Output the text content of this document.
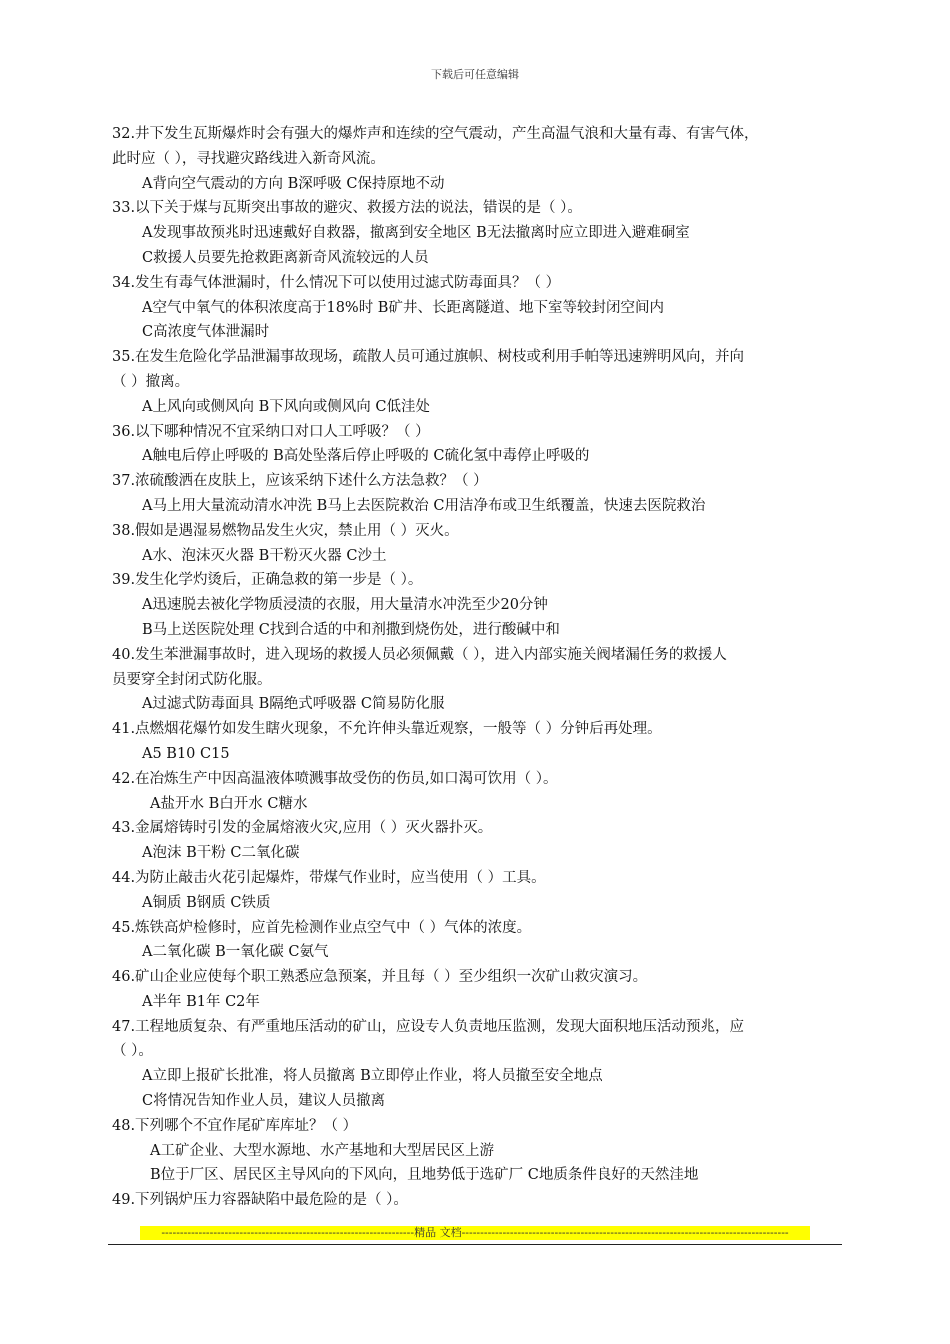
下载后可任意编辑
32.井下发生瓦斯爆炸时会有强大的爆炸声和连续的空气震动，产生高温气浪和大量有毒、有害气体，
此时应（ ），寻找避灾路线进入新奇风流。
A背向空气震动的方向 B深呼吸 C保持原地不动
33.以下关于煤与瓦斯突出事故的避灾、救援方法的说法，错误的是（ ）。
A发现事故预兆时迅速戴好自救器，撤离到安全地区 B无法撤离时应立即进入避难硐室
C救援人员要先抢救距离新奇风流较远的人员
34.发生有毒气体泄漏时，什么情况下可以使用过滤式防毒面具？（ ）
A空气中氧气的体积浓度高于18%时 B矿井、长距离隧道、地下室等较封闭空间内
C高浓度气体泄漏时
35.在发生危险化学品泄漏事故现场，疏散人员可通过旗帜、树枝或利用手帕等迅速辨明风向，并向
（ ）撤离。
A上风向或侧风向 B下风向或侧风向 C低洼处
36.以下哪种情况不宜采纳口对口人工呼吸？（ ）
A触电后停止呼吸的 B高处坠落后停止呼吸的 C硫化氢中毒停止呼吸的
37.浓硫酸洒在皮肤上，应该采纳下述什么方法急救？（ ）
A马上用大量流动清水冲洗 B马上去医院救治 C用洁净布或卫生纸覆盖，快速去医院救治
38.假如是遇湿易燃物品发生火灾，禁止用（ ）灭火。
A水、泡沫灭火器 B干粉灭火器 C沙土
39.发生化学灼烫后，正确急救的第一步是（ ）。
A迅速脱去被化学物质浸渍的衣服，用大量清水冲洗至少20分钟
B马上送医院处理 C找到合适的中和剂撒到烧伤处，进行酸碱中和
40.发生苯泄漏事故时，进入现场的救援人员必须佩戴（ ），进入内部实施关阀堵漏任务的救援人
员要穿全封闭式防化服。
A过滤式防毒面具 B隔绝式呼吸器 C简易防化服
41.点燃烟花爆竹如发生瞎火现象，不允许伸头靠近观察，一般等（ ）分钟后再处理。
A5 B10 C15
42.在冶炼生产中因高温液体喷溅事故受伤的伤员,如口渴可饮用（ ）。
A盐开水 B白开水 C糖水
43.金属熔铸时引发的金属熔液火灾,应用（ ）灭火器扑灭。
A泡沫 B干粉 C二氧化碳
44.为防止敲击火花引起爆炸，带煤气作业时，应当使用（ ）工具。
A铜质 B钢质 C铁质
45.炼铁高炉检修时，应首先检测作业点空气中（ ）气体的浓度。
A二氧化碳 B一氧化碳 C氨气
46.矿山企业应使每个职工熟悉应急预案，并且每（ ）至少组织一次矿山救灾演习。
A半年 B1年 C2年
47.工程地质复杂、有严重地压活动的矿山，应设专人负责地压监测，发现大面积地压活动预兆，应
（ ）。
A立即上报矿长批准，将人员撤离 B立即停止作业，将人员撤至安全地点
C将情况告知作业人员，建议人员撤离
48.下列哪个不宜作尾矿库库址？（ ）
A工矿企业、大型水源地、水产基地和大型居民区上游
B位于厂区、居民区主导风向的下风向，且地势低于选矿厂 C地质条件良好的天然洼地
49.下列锅炉压力容器缺陷中最危险的是（ ）。
--------------------------------------------------------------------精品 文档----------------------------------------------------------------------------------------
